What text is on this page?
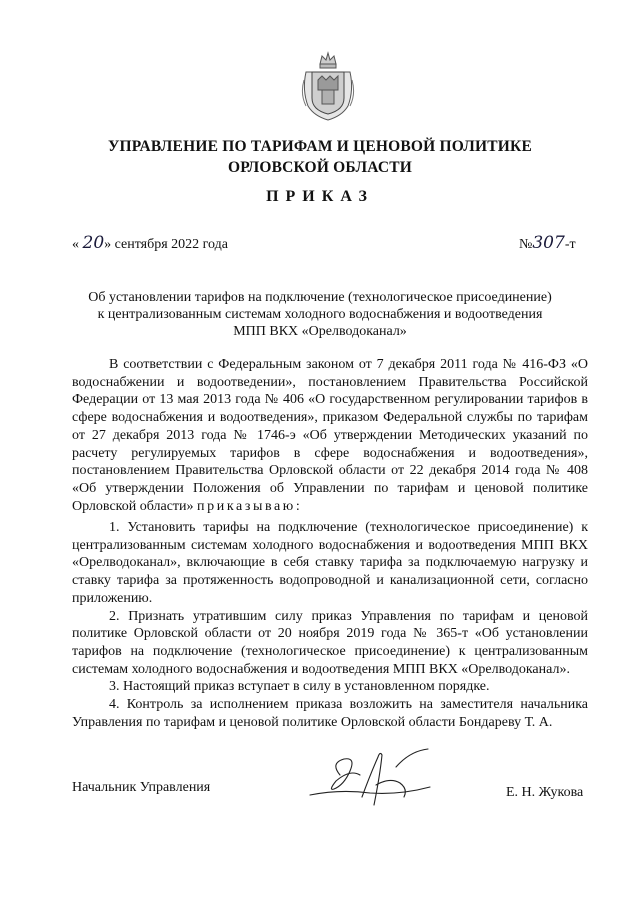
УПРАВЛЕНИЕ ПО ТАРИФАМ И ЦЕНОВОЙ ПОЛИТИКЕ
ОРЛОВСКОЙ ОБЛАСТИ
ПРИКАЗ
« 20» сентября 2022 года	№307-т
Об установлении тарифов на подключение (технологическое присоединение)
к централизованным системам холодного водоснабжения и водоотведения
МПП ВКХ «Орелводоканал»

В соответствии с Федеральным законом от 7 декабря 2011 года № 416-ФЗ «О водоснабжении и водоотведении», постановлением Правительства Российской Федерации от 13 мая 2013 года № 406 «О государственном регулировании тарифов в сфере водоснабжения и водоотведения», приказом Федеральной службы по тарифам от 27 декабря 2013 года № 1746-э «Об утверждении Методических указаний по расчету регулируемых тарифов в сфере водоснабжения и водоотведения», постановлением Правительства Орловской области от 22 декабря 2014 года № 408 «Об утверждении Положения об Управлении по тарифам и ценовой политике Орловской области» приказываю:

1. Установить тарифы на подключение (технологическое присоединение) к централизованным системам холодного водоснабжения и водоотведения МПП ВКХ «Орелводоканал», включающие в себя ставку тарифа за подключаемую нагрузку и ставку тарифа за протяженность водопроводной и канализационной сети, согласно приложению.

2. Признать утратившим силу приказ Управления по тарифам и ценовой политике Орловской области от 20 ноября 2019 года № 365-т «Об установлении тарифов на подключение (технологическое присоединение) к централизованным системам холодного водоснабжения и водоотведения МПП ВКХ «Орелводоканал».

3. Настоящий приказ вступает в силу в установленном порядке.

4. Контроль за исполнением приказа возложить на заместителя начальника Управления по тарифам и ценовой политике Орловской области Бондареву Т. А.

Начальник Управления	Е. Н. Жукова
